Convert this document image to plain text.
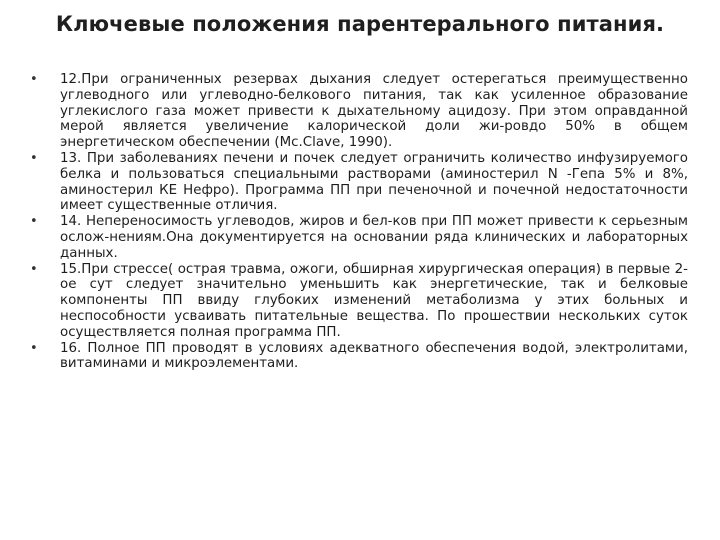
Ключевые положения парентерального питания.
• 12.При ограниченных резервах дыхания следует остерегаться преимущественно углеводного или углеводно-белкового питания, так как усиленное образование углекислого газа может привести к дыхательному ацидозу. При этом оправданной мерой является увеличение калорической доли жи-ровдо 50% в общем энергетическом обеспечении (Mc.Clave, 1990).
• 13. При заболеваниях печени и почек следует ограничить количество инфузируемого белка и пользоваться специальными растворами (аминостерил N -Гепа 5% и 8%, аминостерил КЕ Нефро). Программа ПП при печеночной и почечной недостаточности имеет существенные отличия.
• 14. Непереносимость углеводов, жиров и бел-ков при ПП может привести к серьезным ослож-нениям.Она документируется на основании ряда клинических и лабораторных данных.
• 15.При стрессе( острая травма, ожоги, обширная хирургическая операция) в первые 2-ое сут следует значительно уменьшить как энергетические, так и белковые компоненты ПП ввиду глубоких изменений метаболизма у этих больных и неспособности усваивать питательные вещества. По прошествии нескольких суток осуществляется полная программа ПП.
• 16. Полное ПП проводят в условиях адекватного обеспечения водой, электролитами, витаминами и микроэлементами.
